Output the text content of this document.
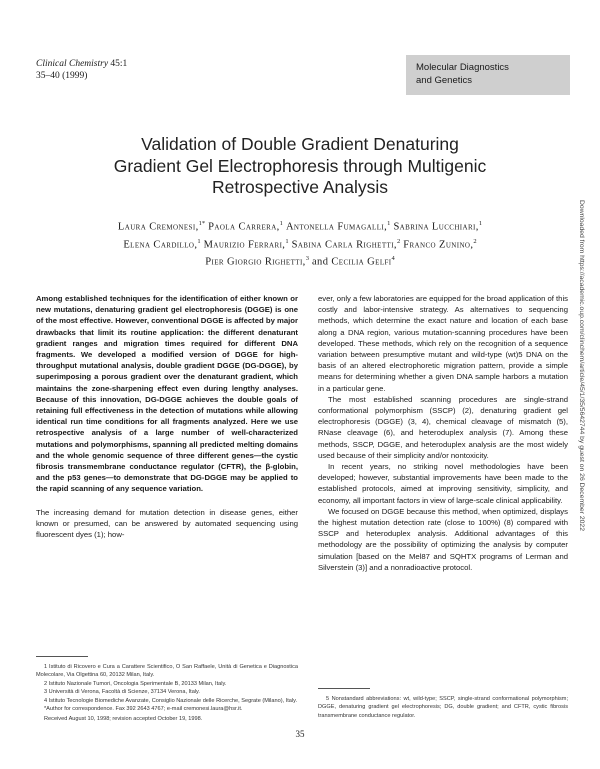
Clinical Chemistry 45:1
35–40 (1999)
Molecular Diagnostics
and Genetics
Validation of Double Gradient Denaturing
Gradient Gel Electrophoresis through Multigenic
Retrospective Analysis
Laura Cremonesi,$^{1*}$ Paola Carrera,$^1$ Antonella Fumagalli,$^1$ Sabrina Lucchiari,$^1$
Elena Cardillo,$^1$ Maurizio Ferrari,$^1$ Sabina Carla Righetti,$^2$ Franco Zunino,$^2$
Pier Giorgio Righetti,$^3$ and Cecilia Gelfi$^4$	Downloaded from https://academic.oup.com/clinchem/article/45/1/35/5642744 by guest on 26 December 2022

Among established techniques for the identification of either known or new mutations, denaturing gradient gel electrophoresis (DGGE) is one of the most effective. However, conventional DGGE is affected by major drawbacks that limit its routine application: the different denaturant gradient ranges and migration times required for different DNA fragments. We developed a modified version of DGGE for high-throughput mutational analysis, double gradient DGGE (DG-DGGE), by superimposing a porous gradient over the denaturant gradient, which maintains the zone-sharpening effect even during lengthy analyses. Because of this innovation, DG-DGGE achieves the double goals of retaining full effectiveness in the detection of mutations while allowing identical run time conditions for all fragments analyzed. Here we use retrospective analysis of a large number of well-characterized mutations and polymorphisms, spanning all predicted melting domains and the whole genomic sequence of three different genes—the cystic fibrosis transmembrane conductance regulator (CFTR), the β-globin, and the p53 genes—to demonstrate that DG-DGGE may be applied to the rapid scanning of any sequence variation.

The increasing demand for mutation detection in disease genes, either known or presumed, can be answered by automated sequencing using fluorescent dyes (1); how-

ever, only a few laboratories are equipped for the broad application of this costly and labor-intensive strategy. As alternatives to sequencing methods, which determine the exact nature and location of each base along a DNA region, various mutation-scanning procedures have been developed. These methods, which rely on the recognition of a sequence variation between presumptive mutant and wild-type (wt)5 DNA on the basis of an altered electrophoretic migration pattern, provide a simple means for determining whether a given DNA sample harbors a mutation in a particular gene.

The most established scanning procedures are single-strand conformational polymorphism (SSCP) (2), denaturing gradient gel electrophoresis (DGGE) (3, 4), chemical cleavage of mismatch (5), RNase cleavage (6), and heteroduplex analysis (7). Among these methods, SSCP, DGGE, and heteroduplex analysis are the most widely used because of their simplicity and/or nontoxicity.

In recent years, no striking novel methodologies have been developed; however, substantial improvements have been made to the established protocols, aimed at improving sensitivity, simplicity, and economy, all important factors in view of large-scale clinical applicability.

We focused on DGGE because this method, when optimized, displays the highest mutation detection rate (close to 100%) (8) compared with SSCP and heteroduplex analysis. Additional advantages of this methodology are the possibility of optimizing the analysis by computer simulation [based on the Mel87 and SQHTX programs of Lerman and Silverstein (3)] and a nonradioactive protocol.

1 Istituto di Ricovero e Cura a Carattere Scientifico, O San Raffaele, Unità di Genetica e Diagnostica Molecolare, Via Olgettina 60, 20132 Milan, Italy.

2 Istituto Nazionale Tumori, Oncologia Sperimentale B, 20133 Milan, Italy.

3 Università di Verona, Facoltà di Scienze, 37134 Verona, Italy.

4 Istituto Tecnologie Biomediche Avanzate, Consiglio Nazionale delle Ricerche, Segrate (Milano), Italy.

*Author for correspondence. Fax 392 2643 4767; e-mail cremonesi.laura@hsr.it.

Received August 10, 1998; revision accepted October 19, 1998.

5 Nonstandard abbreviations: wt, wild-type; SSCP, single-strand conformational polymorphism; DGGE, denaturing gradient gel electrophoresis; DG, double gradient; and CFTR, cystic fibrosis transmembrane conductance regulator.

35
